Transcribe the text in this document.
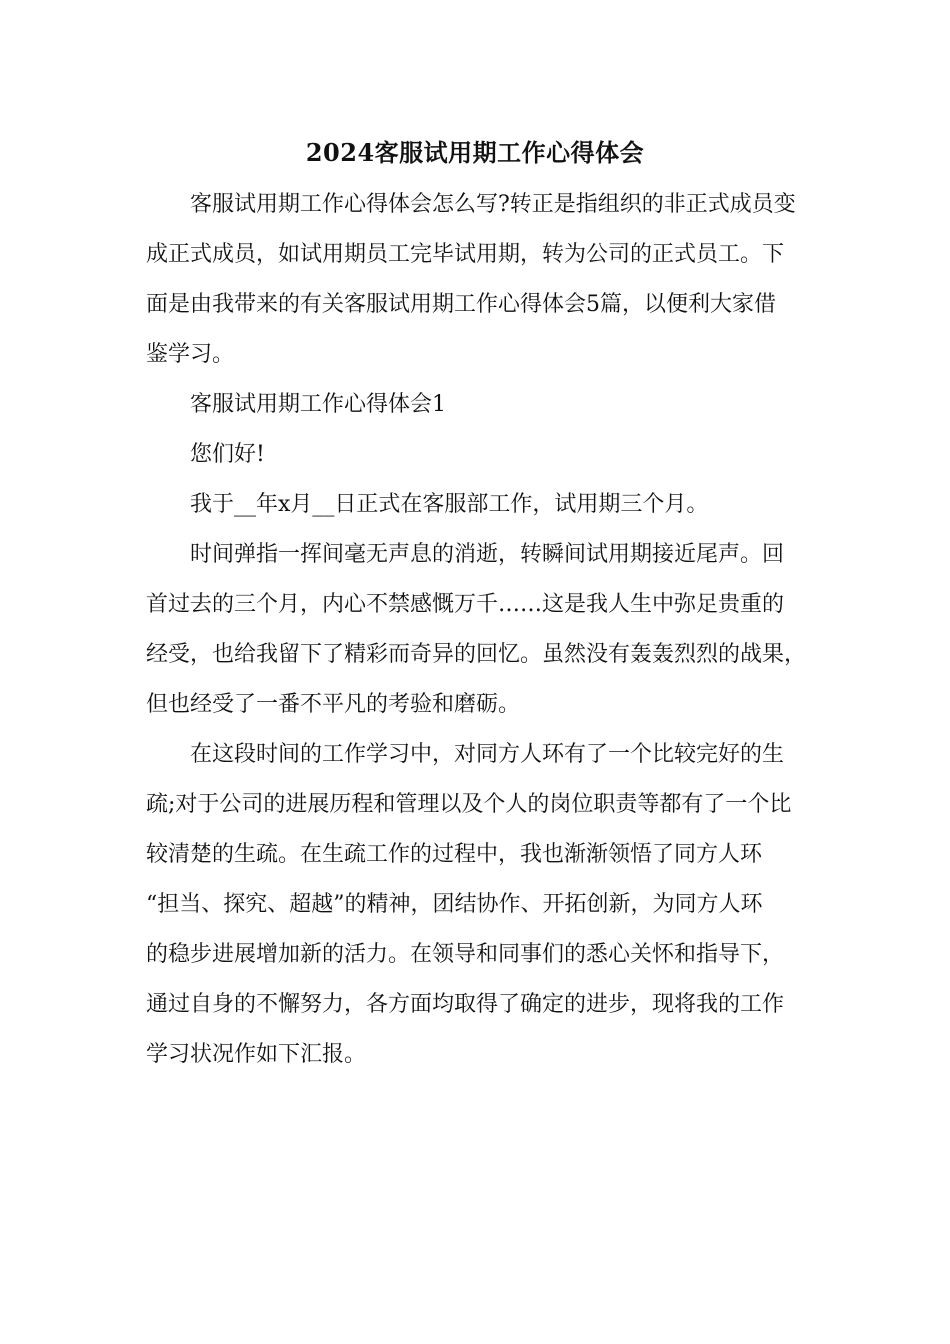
2024客服试用期工作心得体会
客服试用期工作心得体会怎么写?转正是指组织的非正式成员变
成正式成员，如试用期员工完毕试用期，转为公司的正式员工。下
面是由我带来的有关客服试用期工作心得体会5篇，以便利大家借
鉴学习。
客服试用期工作心得体会1
您们好!
我于__年x月__日正式在客服部工作，试用期三个月。
时间弹指一挥间毫无声息的消逝，转瞬间试用期接近尾声。回
首过去的三个月，内心不禁感慨万千……这是我人生中弥足贵重的
经受，也给我留下了精彩而奇异的回忆。虽然没有轰轰烈烈的战果，
但也经受了一番不平凡的考验和磨砺。
在这段时间的工作学习中，对同方人环有了一个比较完好的生
疏;对于公司的进展历程和管理以及个人的岗位职责等都有了一个比
较清楚的生疏。在生疏工作的过程中，我也渐渐领悟了同方人环
“担当、探究、超越”的精神，团结协作、开拓创新，为同方人环
的稳步进展增加新的活力。在领导和同事们的悉心关怀和指导下，
通过自身的不懈努力，各方面均取得了确定的进步，现将我的工作
学习状况作如下汇报。
